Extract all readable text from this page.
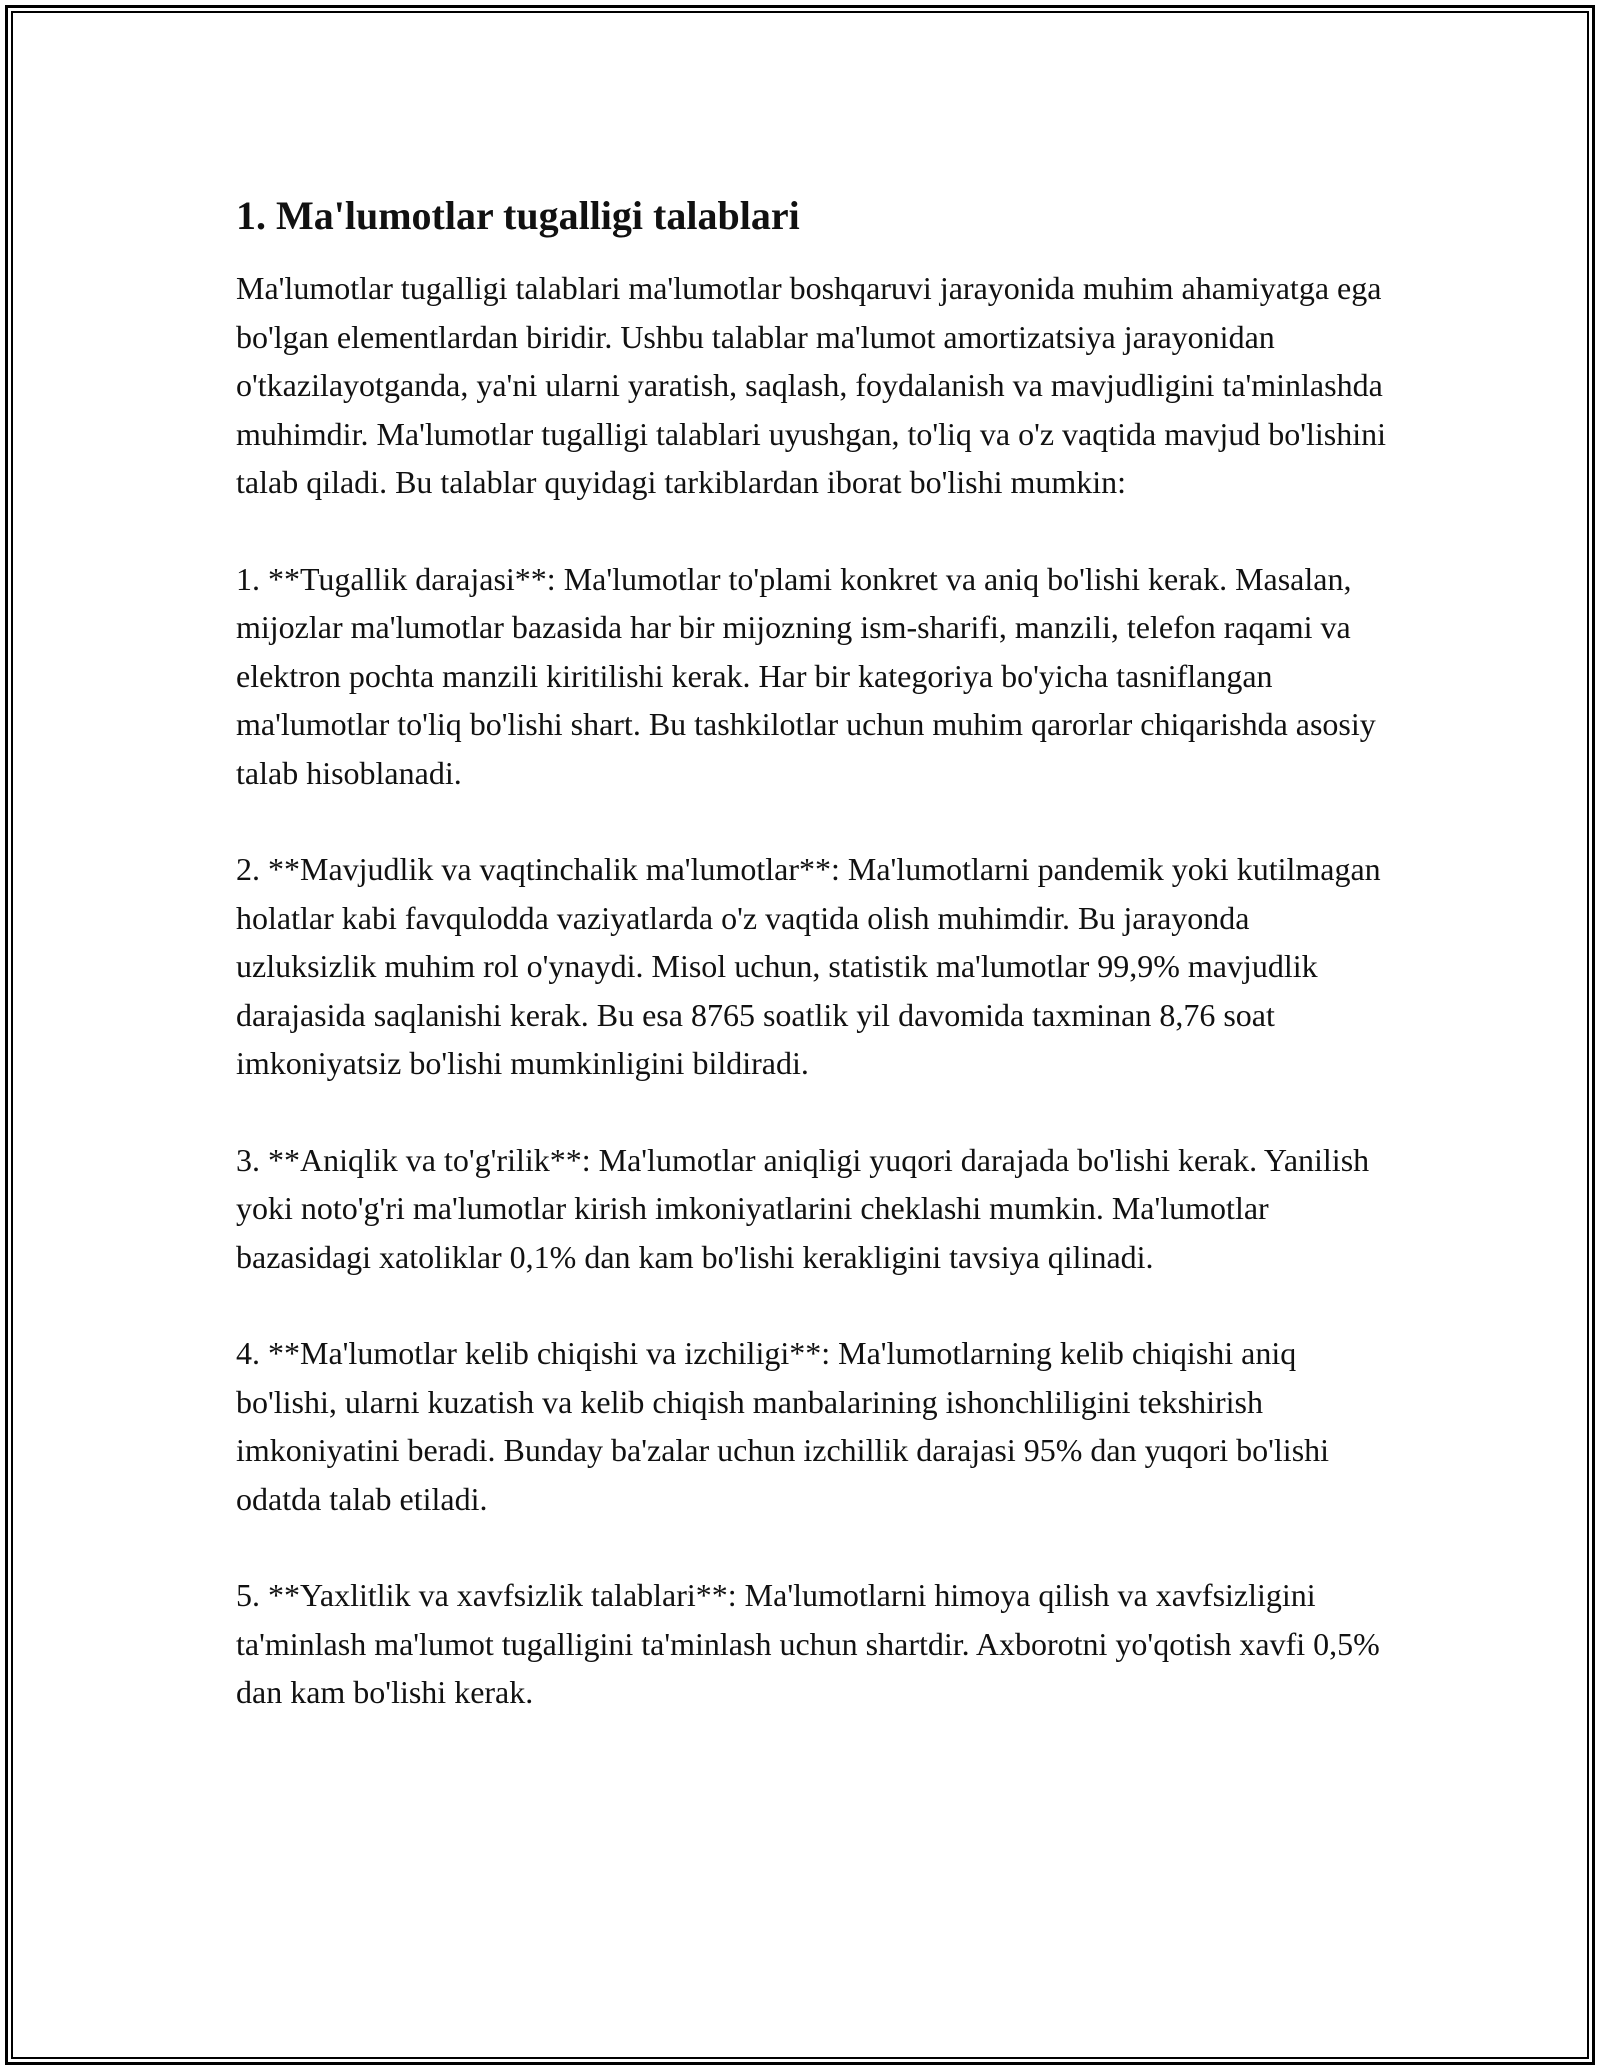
1. Ma'lumotlar tugalligi talablari

Ma'lumotlar tugalligi talablari ma'lumotlar boshqaruvi jarayonida muhim ahamiyatga ega bo'lgan elementlardan biridir. Ushbu talablar ma'lumot amortizatsiya jarayonidan o'tkazilayotganda, ya'ni ularni yaratish, saqlash, foydalanish va mavjudligini ta'minlashda muhimdir. Ma'lumotlar tugalligi talablari uyushgan, to'liq va o'z vaqtida mavjud bo'lishini talab qiladi. Bu talablar quyidagi tarkiblardan iborat bo'lishi mumkin:

1. **Tugallik darajasi**: Ma'lumotlar to'plami konkret va aniq bo'lishi kerak. Masalan, mijozlar ma'lumotlar bazasida har bir mijozning ism-sharifi, manzili, telefon raqami va elektron pochta manzili kiritilishi kerak. Har bir kategoriya bo'yicha tasniflangan ma'lumotlar to'liq bo'lishi shart. Bu tashkilotlar uchun muhim qarorlar chiqarishda asosiy talab hisoblanadi.

2. **Mavjudlik va vaqtinchalik ma'lumotlar**: Ma'lumotlarni pandemik yoki kutilmagan holatlar kabi favqulodda vaziyatlarda o'z vaqtida olish muhimdir. Bu jarayonda uzluksizlik muhim rol o'ynaydi. Misol uchun, statistik ma'lumotlar 99,9% mavjudlik darajasida saqlanishi kerak. Bu esa 8765 soatlik yil davomida taxminan 8,76 soat imkoniyatsiz bo'lishi mumkinligini bildiradi.

3. **Aniqlik va to'g'rilik**: Ma'lumotlar aniqligi yuqori darajada bo'lishi kerak. Yanilish yoki noto'g'ri ma'lumotlar kirish imkoniyatlarini cheklashi mumkin. Ma'lumotlar bazasidagi xatoliklar 0,1% dan kam bo'lishi kerakligini tavsiya qilinadi.

4. **Ma'lumotlar kelib chiqishi va izchiligi**: Ma'lumotlarning kelib chiqishi aniq bo'lishi, ularni kuzatish va kelib chiqish manbalarining ishonchliligini tekshirish imkoniyatini beradi. Bunday ba'zalar uchun izchillik darajasi 95% dan yuqori bo'lishi odatda talab etiladi.

5. **Yaxlitlik va xavfsizlik talablari**: Ma'lumotlarni himoya qilish va xavfsizligini ta'minlash ma'lumot tugalligini ta'minlash uchun shartdir. Axborotni yo'qotish xavfi 0,5% dan kam bo'lishi kerak.
